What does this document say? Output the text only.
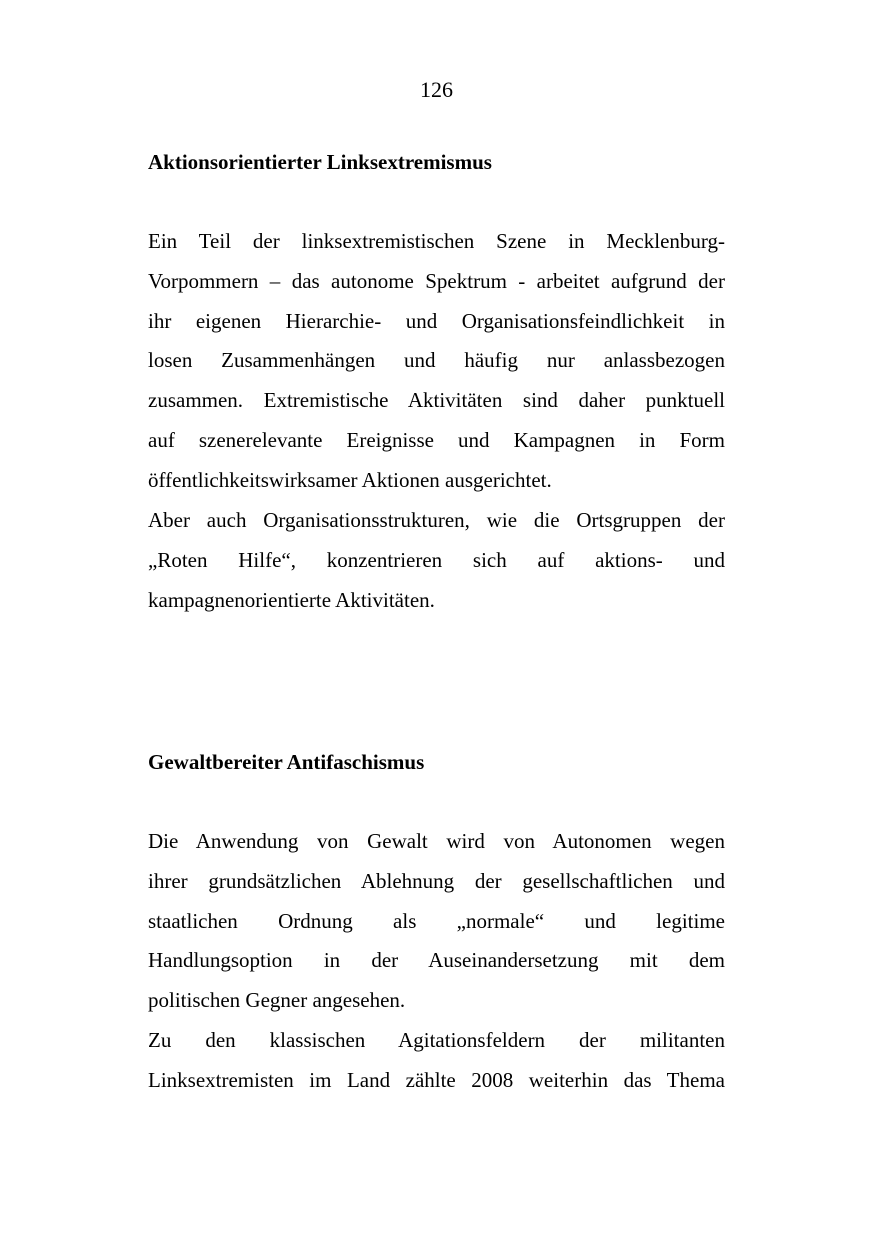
126
Aktionsorientierter Linksextremismus
Ein Teil der linksextremistischen Szene in Mecklenburg-
Vorpommern – das autonome Spektrum - arbeitet aufgrund der
ihr eigenen Hierarchie- und Organisationsfeindlichkeit in
losen Zusammenhängen und häufig nur anlassbezogen
zusammen. Extremistische Aktivitäten sind daher punktuell
auf szenerelevante Ereignisse und Kampagnen in Form
öffentlichkeitswirksamer Aktionen ausgerichtet.
Aber auch Organisationsstrukturen, wie die Ortsgruppen der
„Roten Hilfe“, konzentrieren sich auf aktions- und
kampagnenorientierte Aktivitäten.
Gewaltbereiter Antifaschismus
Die Anwendung von Gewalt wird von Autonomen wegen
ihrer grundsätzlichen Ablehnung der gesellschaftlichen und
staatlichen Ordnung als „normale“ und legitime
Handlungsoption in der Auseinandersetzung mit dem
politischen Gegner angesehen.
Zu den klassischen Agitationsfeldern der militanten
Linksextremisten im Land zählte 2008 weiterhin das Thema
